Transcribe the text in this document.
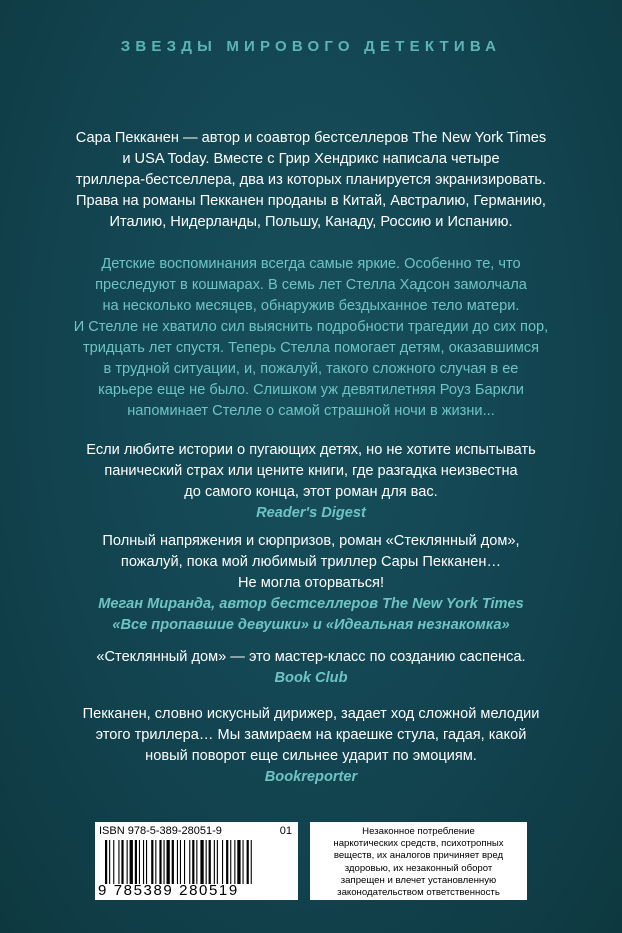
ЗВЕЗДЫ МИРОВОГО ДЕТЕКТИВА
Сара Пекканен — автор и соавтор бестселлеров The New York Times
и USA Today. Вместе с Грир Хендрикс написала четыре
триллера-бестселлера, два из которых планируется экранизировать.
Права на романы Пекканен проданы в Китай, Австралию, Германию,
Италию, Нидерланды, Польшу, Канаду, Россию и Испанию.
Детские воспоминания всегда самые яркие. Особенно те, что
преследуют в кошмарах. В семь лет Стелла Хадсон замолчала
на несколько месяцев, обнаружив бездыханное тело матери.
И Стелле не хватило сил выяснить подробности трагедии до сих пор,
тридцать лет спустя. Теперь Стелла помогает детям, оказавшимся
в трудной ситуации, и, пожалуй, такого сложного случая в ее
карьере еще не было. Слишком уж девятилетняя Роуз Баркли
напоминает Стелле о самой страшной ночи в жизни...
Если любите истории о пугающих детях, но не хотите испытывать
панический страх или цените книги, где разгадка неизвестна
до самого конца, этот роман для вас.
Reader's Digest
Полный напряжения и сюрпризов, роман «Стеклянный дом»,
пожалуй, пока мой любимый триллер Сары Пекканен…
Не могла оторваться!
Меган Миранда, автор бестселлеров The New York Times
«Все пропавшие девушки» и «Идеальная незнакомка»
«Стеклянный дом» — это мастер-класс по созданию саспенса.
Book Club
Пекканен, словно искусный дирижер, задает ход сложной мелодии
этого триллера… Мы замираем на краешке стула, гадая, какой
новый поворот еще сильнее ударит по эмоциям.
Bookreporter
ISBN 978-5-389-28051-9	01
9 785389 280519
Незаконное потребление
наркотических средств, психотропных
веществ, их аналогов причиняет вред
здоровью, их незаконный оборот
запрещен и влечет установленную
законодательством ответственность
